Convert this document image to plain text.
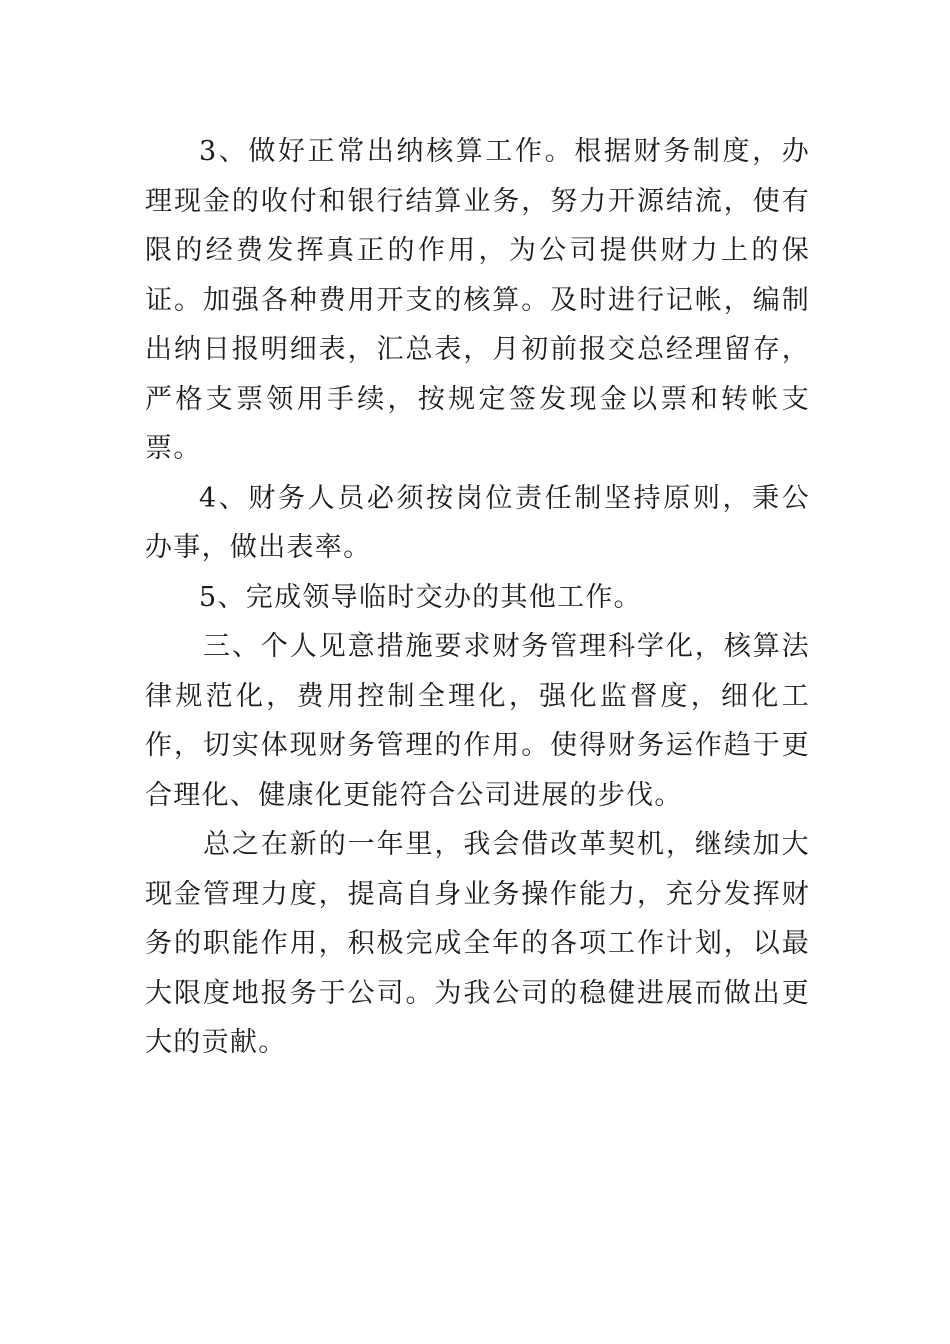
3、做好正常出纳核算工作。根据财务制度，办理现金的收付和银行结算业务，努力开源结流，使有限的经费发挥真正的作用，为公司提供财力上的保证。加强各种费用开支的核算。及时进行记帐，编制出纳日报明细表，汇总表，月初前报交总经理留存，严格支票领用手续，按规定签发现金以票和转帐支票。

4、财务人员必须按岗位责任制坚持原则，秉公办事，做出表率。

5、完成领导临时交办的其他工作。

三、个人见意措施要求财务管理科学化，核算法律规范化，费用控制全理化，强化监督度，细化工作，切实体现财务管理的作用。使得财务运作趋于更合理化、健康化更能符合公司进展的步伐。

总之在新的一年里，我会借改革契机，继续加大现金管理力度，提高自身业务操作能力，充分发挥财务的职能作用，积极完成全年的各项工作计划，以最大限度地报务于公司。为我公司的稳健进展而做出更大的贡献。
